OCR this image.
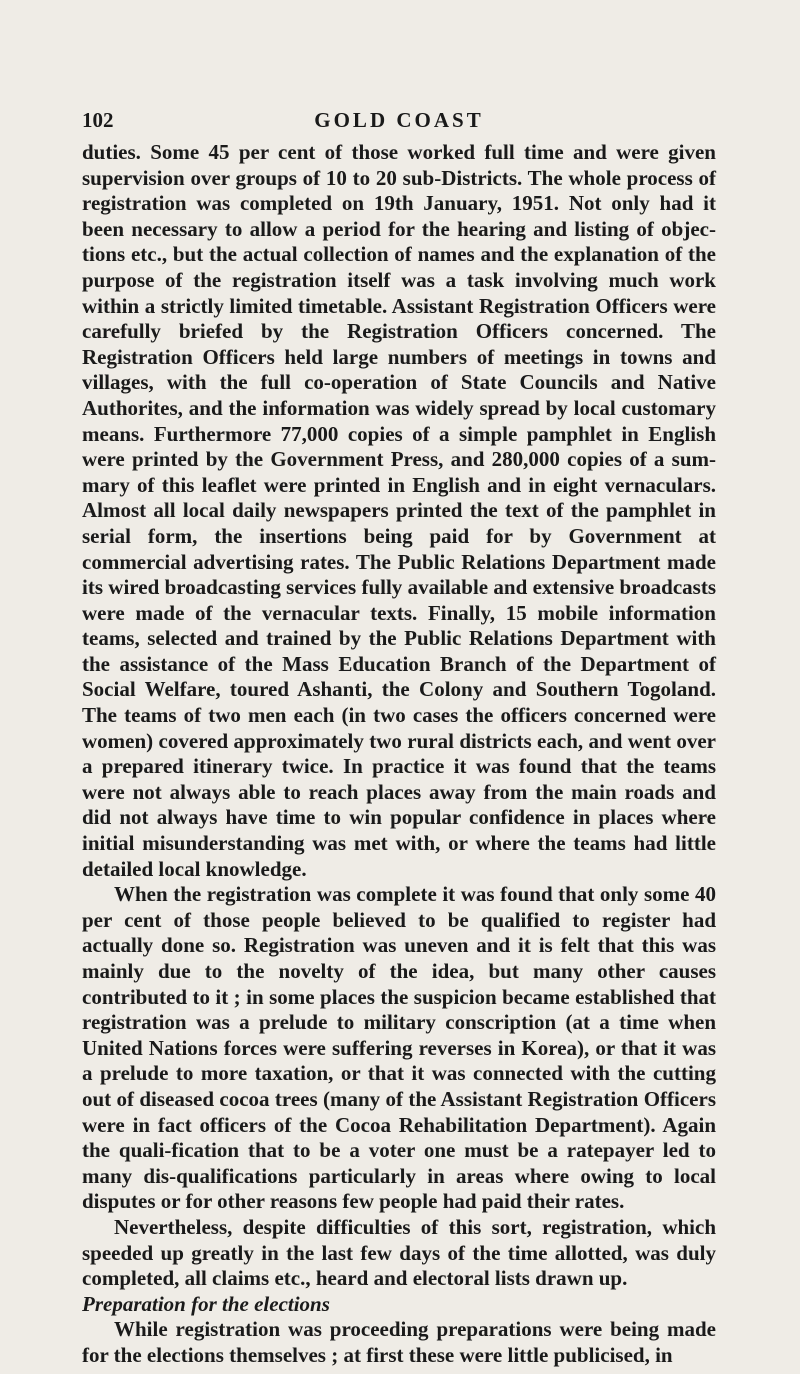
102	GOLD COAST

duties. Some 45 per cent of those worked full time and were given supervision over groups of 10 to 20 sub-Districts. The whole process of registration was completed on 19th January, 1951. Not only had it been necessary to allow a period for the hearing and listing of objec-tions etc., but the actual collection of names and the explanation of the purpose of the registration itself was a task involving much work within a strictly limited timetable. Assistant Registration Officers were carefully briefed by the Registration Officers concerned. The Registration Officers held large numbers of meetings in towns and villages, with the full co-operation of State Councils and Native Authorites, and the information was widely spread by local customary means. Furthermore 77,000 copies of a simple pamphlet in English were printed by the Government Press, and 280,000 copies of a sum-mary of this leaflet were printed in English and in eight vernaculars. Almost all local daily newspapers printed the text of the pamphlet in serial form, the insertions being paid for by Government at commercial advertising rates. The Public Relations Department made its wired broadcasting services fully available and extensive broadcasts were made of the vernacular texts. Finally, 15 mobile information teams, selected and trained by the Public Relations Department with the assistance of the Mass Education Branch of the Department of Social Welfare, toured Ashanti, the Colony and Southern Togoland. The teams of two men each (in two cases the officers concerned were women) covered approximately two rural districts each, and went over a prepared itinerary twice. In practice it was found that the teams were not always able to reach places away from the main roads and did not always have time to win popular confidence in places where initial misunderstanding was met with, or where the teams had little detailed local knowledge.

When the registration was complete it was found that only some 40 per cent of those people believed to be qualified to register had actually done so. Registration was uneven and it is felt that this was mainly due to the novelty of the idea, but many other causes contributed to it ; in some places the suspicion became established that registration was a prelude to military conscription (at a time when United Nations forces were suffering reverses in Korea), or that it was a prelude to more taxation, or that it was connected with the cutting out of diseased cocoa trees (many of the Assistant Registration Officers were in fact officers of the Cocoa Rehabilitation Department). Again the quali-fication that to be a voter one must be a ratepayer led to many dis-qualifications particularly in areas where owing to local disputes or for other reasons few people had paid their rates.

Nevertheless, despite difficulties of this sort, registration, which speeded up greatly in the last few days of the time allotted, was duly completed, all claims etc., heard and electoral lists drawn up.

Preparation for the elections

While registration was proceeding preparations were being made for the elections themselves ; at first these were little publicised, in
